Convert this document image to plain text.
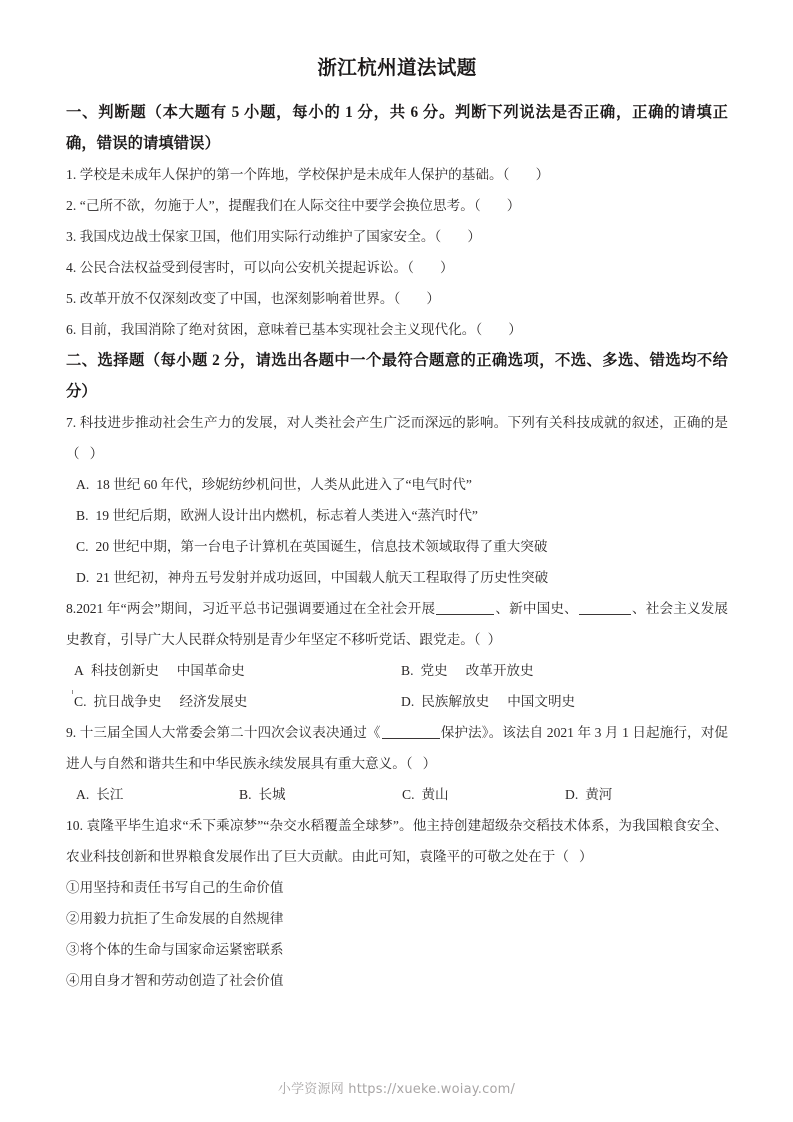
浙江杭州道法试题

一、判断题（本大题有 5 小题，每小的 1 分，共 6 分。判断下列说法是否正确，正确的请填正确，错误的请填错误）

1. 学校是未成年人保护的第一个阵地，学校保护是未成年人保护的基础。（ ）

2. “己所不欲，勿施于人”，提醒我们在人际交往中要学会换位思考。（ ）

3. 我国戍边战士保家卫国，他们用实际行动维护了国家安全。（ ）

4. 公民合法权益受到侵害时，可以向公安机关提起诉讼。（ ）

5. 改革开放不仅深刻改变了中国，也深刻影响着世界。（ ）

6. 目前，我国消除了绝对贫困，意味着已基本实现社会主义现代化。（ ）

二、选择题（每小题 2 分，请选出各题中一个最符合题意的正确选项，不选、多选、错选均不给分）

7. 科技进步推动社会生产力的发展，对人类社会产生广泛而深远的影响。下列有关科技成就的叙述，正确的是（ ）

A. 18 世纪 60 年代，珍妮纺纱机问世，人类从此进入了“电气时代”

B. 19 世纪后期，欧洲人设计出内燃机，标志着人类进入“蒸汽时代”

C. 20 世纪中期，第一台电子计算机在英国诞生，信息技术领域取得了重大突破

D. 21 世纪初，神舟五号发射并成功返回，中国载人航天工程取得了历史性突破

8.2021 年“两会”期间，习近平总书记强调要通过在全社会开展	、新中国史、	、社会主义发展史教育，引导广大人民群众特别是青少年坚定不移听党话、跟党走。（ ）

A 科技创新史 中国革命史	B. 党史 改革开放史
C. 抗日战争史 经济发展史	D. 民族解放史 中国文明史

9. 十三届全国人大常委会第二十四次会议表决通过《	保护法》。该法自 2021 年 3 月 1 日起施行，对促进人与自然和谐共生和中华民族永续发展具有重大意义。（ ）

A. 长江	B. 长城	C. 黄山	D. 黄河

10. 袁隆平毕生追求“禾下乘凉梦”“杂交水稻覆盖全球梦”。他主持创建超级杂交稻技术体系，为我国粮食安全、农业科技创新和世界粮食发展作出了巨大贡献。由此可知，袁隆平的可敬之处在于（ ）

①用坚持和责任书写自己的生命价值

②用毅力抗拒了生命发展的自然规律

③将个体的生命与国家命运紧密联系

④用自身才智和劳动创造了社会价值

小学资源网 https://xueke.woiay.com/
